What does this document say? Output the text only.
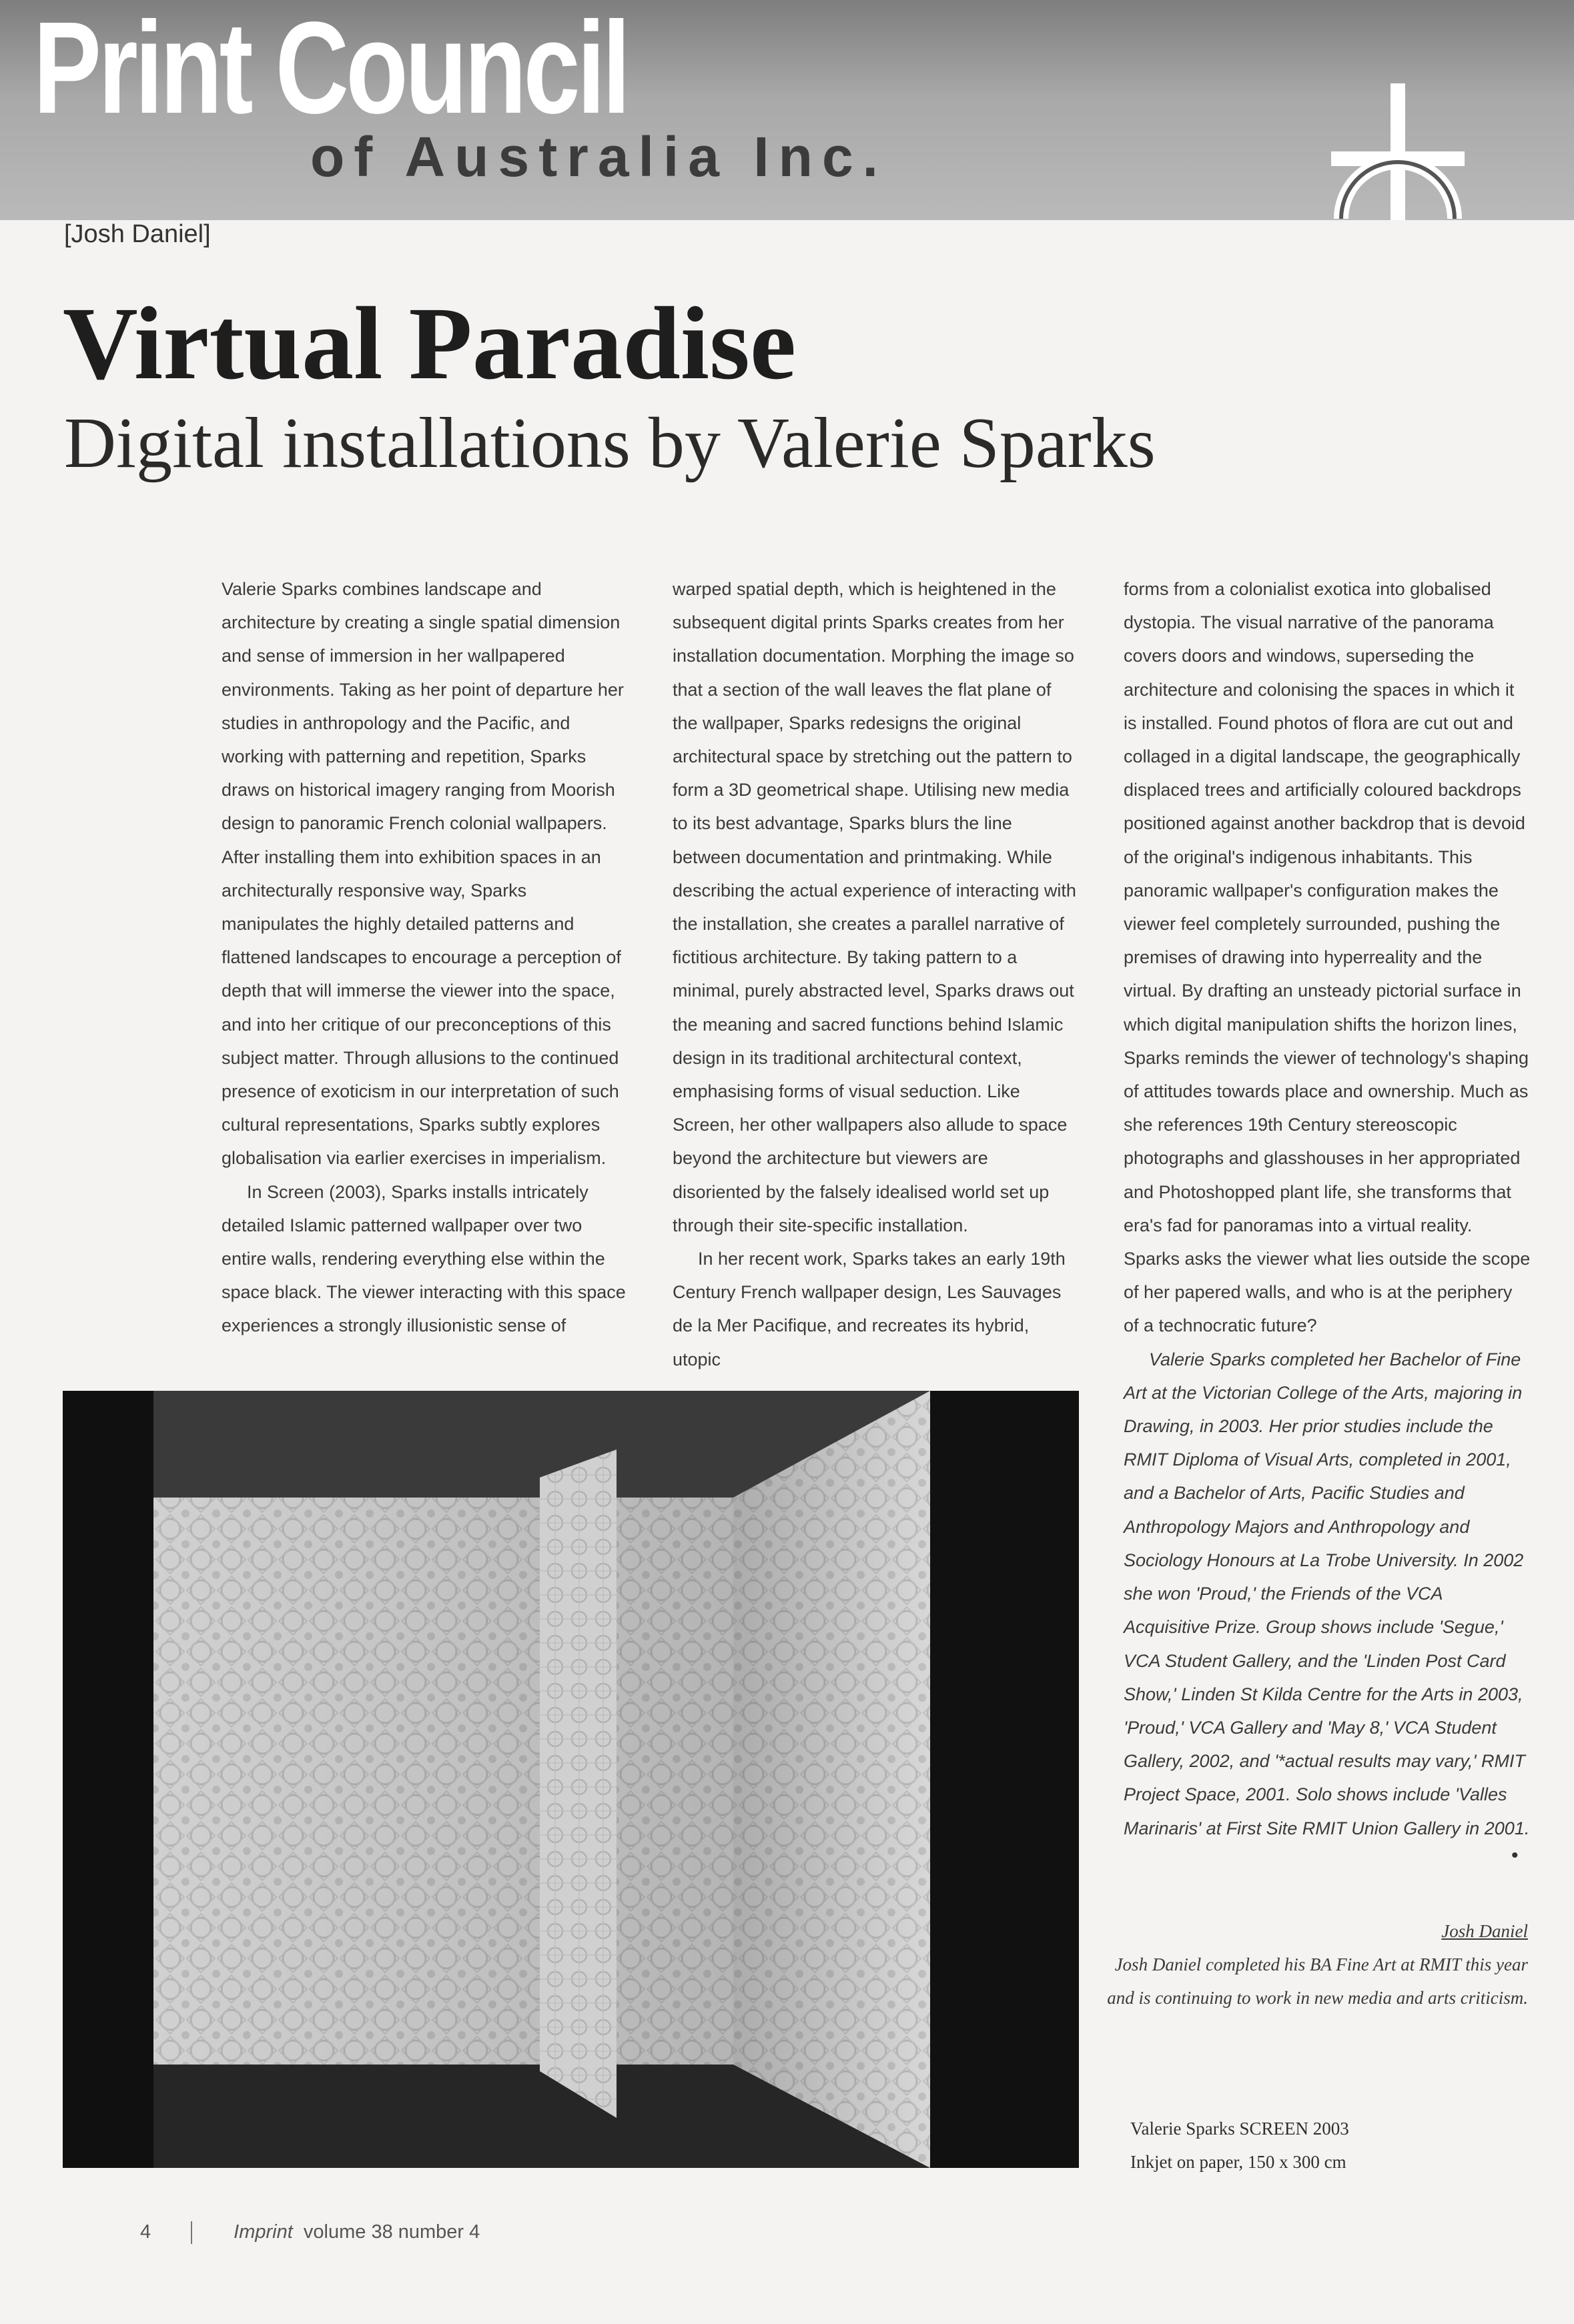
Print Council
of Australia Inc.
[Josh Daniel]
Virtual Paradise
Digital installations by Valerie Sparks

Valerie Sparks combines landscape and architecture by creating a single spatial dimension and sense of immersion in her wallpapered environments. Taking as her point of departure her studies in anthropology and the Pacific, and working with patterning and repetition, Sparks draws on historical imagery ranging from Moorish design to panoramic French colonial wallpapers. After installing them into exhibition spaces in an architecturally responsive way, Sparks manipulates the highly detailed patterns and flattened landscapes to encourage a perception of depth that will immerse the viewer into the space, and into her critique of our preconceptions of this subject matter. Through allusions to the continued presence of exoticism in our interpretation of such cultural representations, Sparks subtly explores globalisation via earlier exercises in imperialism.

In Screen (2003), Sparks installs intricately detailed Islamic patterned wallpaper over two entire walls, rendering everything else within the space black. The viewer interacting with this space experiences a strongly illusionistic sense of

warped spatial depth, which is heightened in the subsequent digital prints Sparks creates from her installation documentation. Morphing the image so that a section of the wall leaves the flat plane of the wallpaper, Sparks redesigns the original architectural space by stretching out the pattern to form a 3D geometrical shape. Utilising new media to its best advantage, Sparks blurs the line between documentation and printmaking. While describing the actual experience of interacting with the installation, she creates a parallel narrative of fictitious architecture. By taking pattern to a minimal, purely abstracted level, Sparks draws out the meaning and sacred functions behind Islamic design in its traditional architectural context, emphasising forms of visual seduction. Like Screen, her other wallpapers also allude to space beyond the architecture but viewers are disoriented by the falsely idealised world set up through their site-specific installation.

In her recent work, Sparks takes an early 19th Century French wallpaper design, Les Sauvages de la Mer Pacifique, and recreates its hybrid, utopic

forms from a colonialist exotica into globalised dystopia. The visual narrative of the panorama covers doors and windows, superseding the architecture and colonising the spaces in which it is installed. Found photos of flora are cut out and collaged in a digital landscape, the geographically displaced trees and artificially coloured backdrops positioned against another backdrop that is devoid of the original's indigenous inhabitants. This panoramic wallpaper's configuration makes the viewer feel completely surrounded, pushing the premises of drawing into hyperreality and the virtual. By drafting an unsteady pictorial surface in which digital manipulation shifts the horizon lines, Sparks reminds the viewer of technology's shaping of attitudes towards place and ownership. Much as she references 19th Century stereoscopic photographs and glasshouses in her appropriated and Photoshopped plant life, she transforms that era's fad for panoramas into a virtual reality. Sparks asks the viewer what lies outside the scope of her papered walls, and who is at the periphery of a technocratic future?

Valerie Sparks completed her Bachelor of Fine Art at the Victorian College of the Arts, majoring in Drawing, in 2003. Her prior studies include the RMIT Diploma of Visual Arts, completed in 2001, and a Bachelor of Arts, Pacific Studies and Anthropology Majors and Anthropology and Sociology Honours at La Trobe University. In 2002 she won 'Proud,' the Friends of the VCA Acquisitive Prize. Group shows include 'Segue,' VCA Student Gallery, and the 'Linden Post Card Show,' Linden St Kilda Centre for the Arts in 2003, 'Proud,' VCA Gallery and 'May 8,' VCA Student Gallery, 2002, and '*actual results may vary,' RMIT Project Space, 2001. Solo shows include 'Valles Marinaris' at First Site RMIT Union Gallery in 2001.

•
Josh Daniel
Josh Daniel completed his BA Fine Art at RMIT this year and is continuing to work in new media and arts criticism.
Valerie Sparks SCREEN 2003
Inkjet on paper, 150 x 300 cm
4	Imprint volume 38 number 4
